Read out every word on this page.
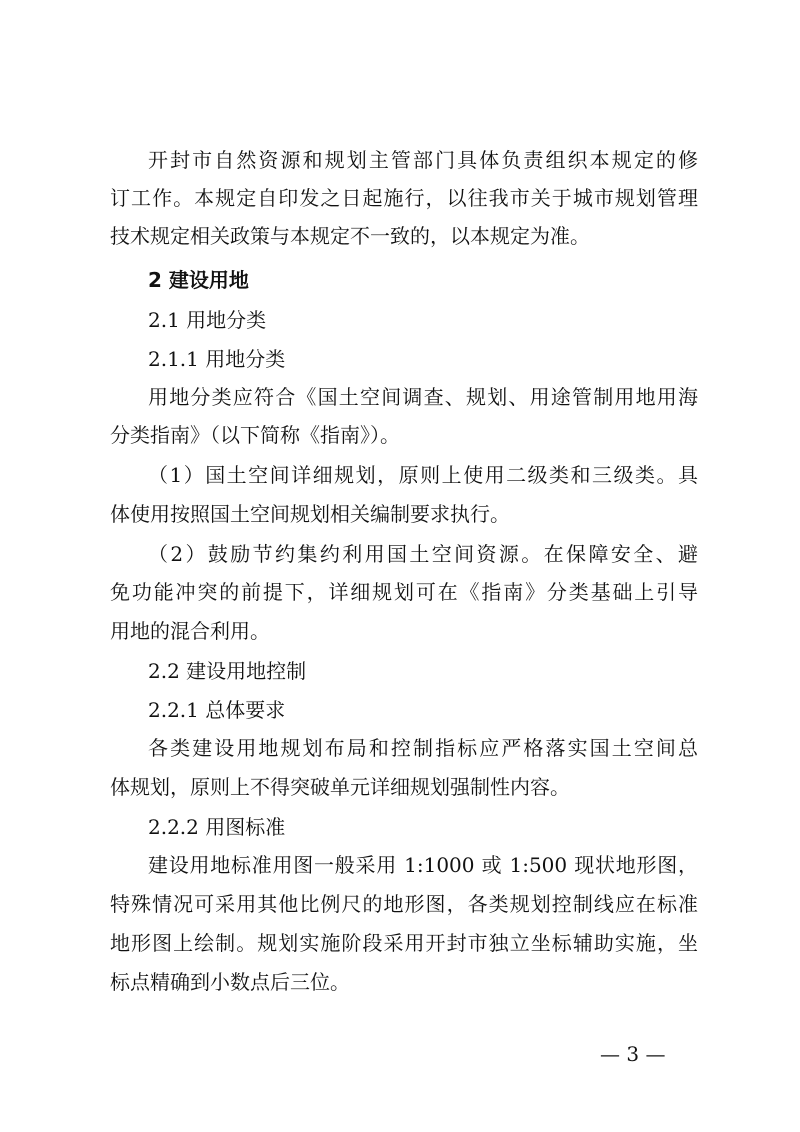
开封市自然资源和规划主管部门具体负责组织本规定的修
订工作。本规定自印发之日起施行，以往我市关于城市规划管理
技术规定相关政策与本规定不一致的，以本规定为准。
2 建设用地
2.1 用地分类
2.1.1 用地分类
用地分类应符合《国土空间调查、规划、用途管制用地用海
分类指南》（以下简称《指南》）。
（1）国土空间详细规划，原则上使用二级类和三级类。具
体使用按照国土空间规划相关编制要求执行。
（2）鼓励节约集约利用国土空间资源。在保障安全、避
免功能冲突的前提下，详细规划可在《指南》分类基础上引导
用地的混合利用。
2.2 建设用地控制
2.2.1 总体要求
各类建设用地规划布局和控制指标应严格落实国土空间总
体规划，原则上不得突破单元详细规划强制性内容。
2.2.2 用图标准
建设用地标准用图一般采用 1:1000 或 1:500 现状地形图，
特殊情况可采用其他比例尺的地形图，各类规划控制线应在标准
地形图上绘制。规划实施阶段采用开封市独立坐标辅助实施，坐
标点精确到小数点后三位。
— 3 —
